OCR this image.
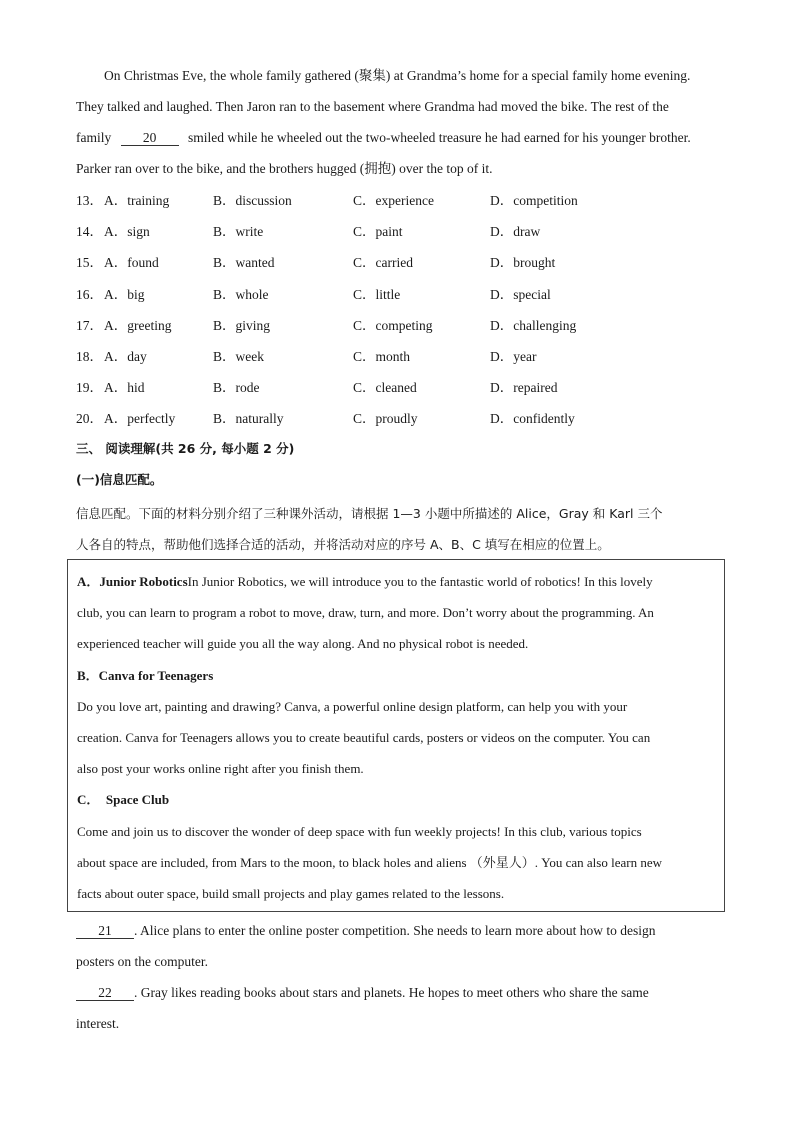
On Christmas Eve, the whole family gathered (聚集) at Grandma’s home for a special family home evening.

They talked and laughed. Then Jaron ran to the basement where Grandma had moved the bike. The rest of the

family 20 smiled while he wheeled out the two-wheeled treasure he had earned for his younger brother.

Parker ran over to the bike, and the brothers hugged (拥抱) over the top of it.

13． A．training	B．discussion	C．experience	D．competition
14． A．sign	B．write	C．paint	D．draw
15． A．found	B．wanted	C．carried	D．brought
16． A．big	B．whole	C．little	D．special
17． A．greeting	B．giving	C．competing	D．challenging
18． A．day	B．week	C．month	D．year
19． A．hid	B．rode	C．cleaned	D．repaired
20． A．perfectly	B．naturally	C．proudly	D．confidently
三、 阅读理解(共 26 分, 每小题 2 分)
(一)信息匹配。

信息匹配。下面的材料分别介绍了三种课外活动，请根据 1—3 小题中所描述的 Alice，Gray 和 Karl 三个

人各自的特点，帮助他们选择合适的活动，并将活动对应的序号 A、B、C 填写在相应的位置上。

A．Junior RoboticsIn Junior Robotics, we will introduce you to the fantastic world of robotics! In this lovely

club, you can learn to program a robot to move, draw, turn, and more. Don’t worry about the programming. An

experienced teacher will guide you all the way along. And no physical robot is needed.

B．Canva for Teenagers

Do you love art, painting and drawing? Canva, a powerful online design platform, can help you with your

creation. Canva for Teenagers allows you to create beautiful cards, posters or videos on the computer. You can

also post your works online right after you finish them.

C．  Space Club

Come and join us to discover the wonder of deep space with fun weekly projects! In this club, various topics

about space are included, from Mars to the moon, to black holes and aliens （外星人）. You can also learn new

facts about outer space, build small projects and play games related to the lessons.

21 . Alice plans to enter the online poster competition. She needs to learn more about how to design

posters on the computer.

22 . Gray likes reading books about stars and planets. He hopes to meet others who share the same

interest.
